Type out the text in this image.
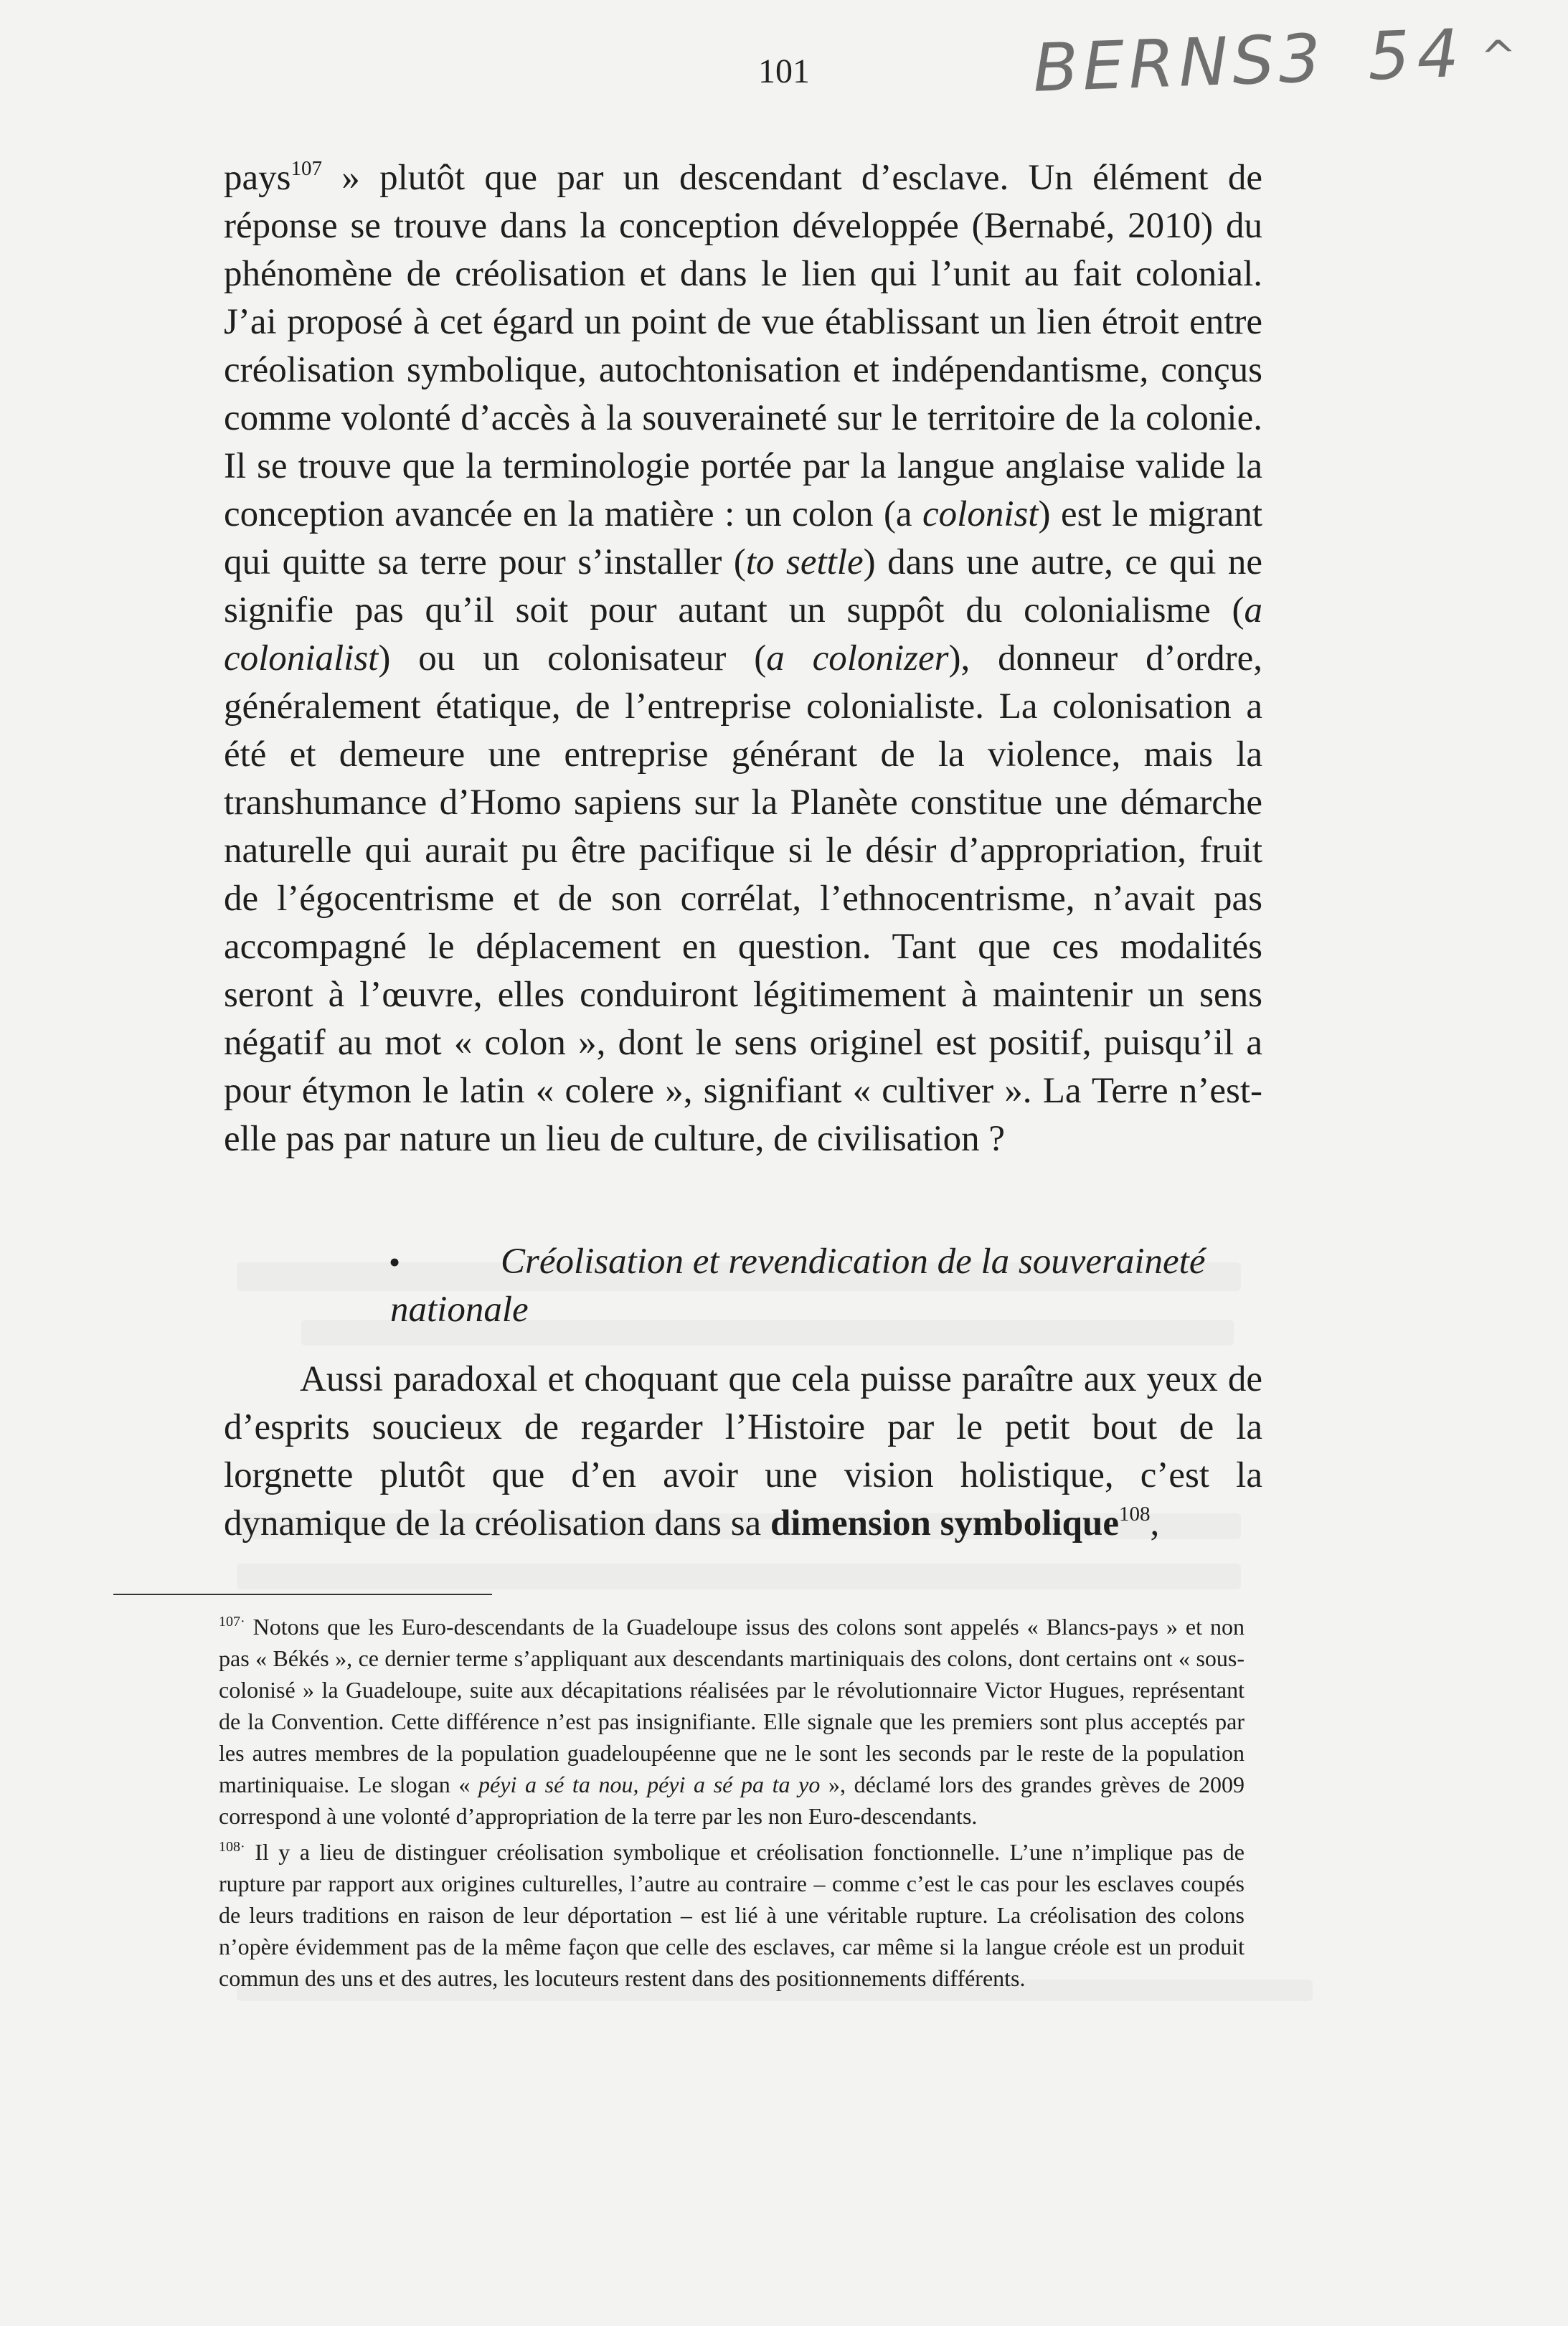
101	BERNS3 54 ^

pays$^{107}$ » plutôt que par un descendant d’esclave. Un élément de réponse se trouve dans la conception développée (Bernabé, 2010) du phénomène de créolisation et dans le lien qui l’unit au fait colonial. J’ai proposé à cet égard un point de vue établissant un lien étroit entre créolisation symbolique, autochtonisation et indépendantisme, conçus comme volonté d’accès à la souveraineté sur le territoire de la colonie. Il se trouve que la terminologie portée par la langue anglaise valide la conception avancée en la matière : un colon (a colonist) est le migrant qui quitte sa terre pour s’installer (to settle) dans une autre, ce qui ne signifie pas qu’il soit pour autant un suppôt du colonialisme (a colonialist) ou un colonisateur (a colonizer), donneur d’ordre, généralement étatique, de l’entreprise colonialiste. La colonisation a été et demeure une entreprise générant de la violence, mais la transhumance d’Homo sapiens sur la Planète constitue une démarche naturelle qui aurait pu être pacifique si le désir d’appropriation, fruit de l’égocentrisme et de son corrélat, l’ethnocentrisme, n’avait pas accompagné le déplacement en question. Tant que ces modalités seront à l’œuvre, elles conduiront légitimement à maintenir un sens négatif au mot « colon », dont le sens originel est positif, puisqu’il a pour étymon le latin « colere », signifiant « cultiver ». La Terre n’est-elle pas par nature un lieu de culture, de civilisation ?

•	Créolisation et revendication de la souveraineté
nationale

Aussi paradoxal et choquant que cela puisse paraître aux yeux de d’esprits soucieux de regarder l’Histoire par le petit bout de la lorgnette plutôt que d’en avoir une vision holistique, c’est la dynamique de la créolisation dans sa dimension symbolique$^{108}$,

$^{107\cdot}$ Notons que les Euro-descendants de la Guadeloupe issus des colons sont appelés « Blancs-pays » et non pas « Békés », ce dernier terme s’appliquant aux descendants martiniquais des colons, dont certains ont « sous-colonisé » la Guadeloupe, suite aux décapitations réalisées par le révolutionnaire Victor Hugues, représentant de la Convention. Cette différence n’est pas insignifiante. Elle signale que les premiers sont plus acceptés par les autres membres de la population guadeloupéenne que ne le sont les seconds par le reste de la population martiniquaise. Le slogan « péyi a sé ta nou, péyi a sé pa ta yo », déclamé lors des grandes grèves de 2009 correspond à une volonté d’appropriation de la terre par les non Euro-descendants.

$^{108\cdot}$ Il y a lieu de distinguer créolisation symbolique et créolisation fonctionnelle. L’une n’implique pas de rupture par rapport aux origines culturelles, l’autre au contraire – comme c’est le cas pour les esclaves coupés de leurs traditions en raison de leur déportation – est lié à une véritable rupture. La créolisation des colons n’opère évidemment pas de la même façon que celle des esclaves, car même si la langue créole est un produit commun des uns et des autres, les locuteurs restent dans des positionnements différents.
